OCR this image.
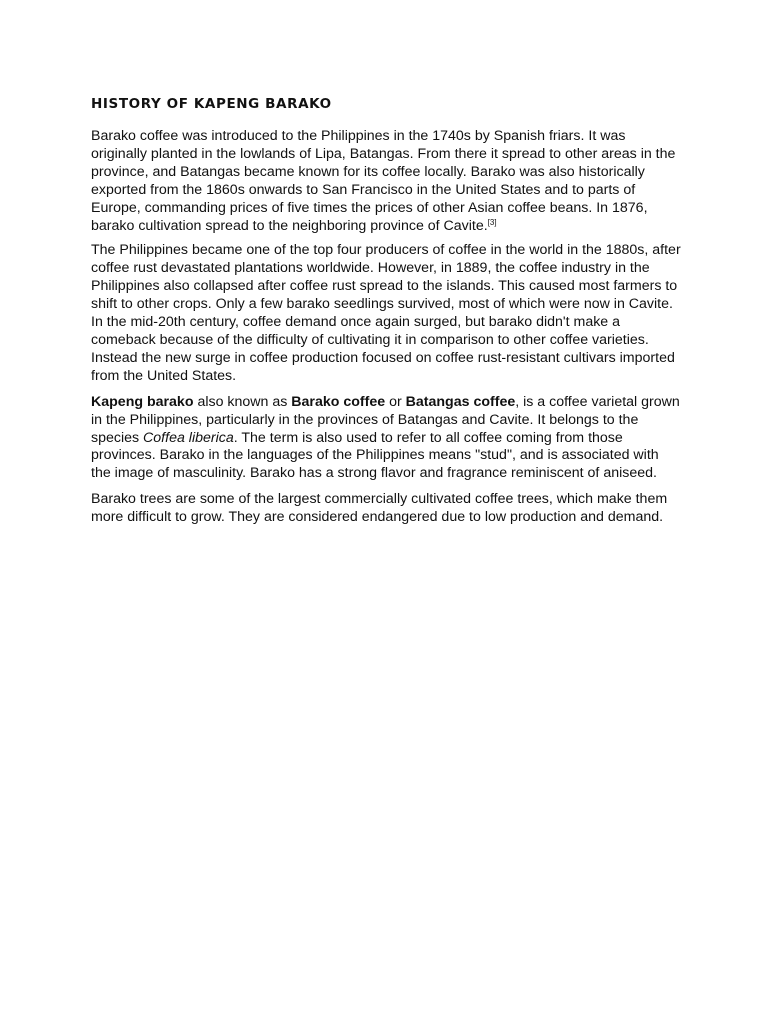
HISTORY OF KAPENG BARAKO

Barako coffee was introduced to the Philippines in the 1740s by Spanish friars. It was originally planted in the lowlands of Lipa, Batangas. From there it spread to other areas in the province, and Batangas became known for its coffee locally. Barako was also historically exported from the 1860s onwards to San Francisco in the United States and to parts of Europe, commanding prices of five times the prices of other Asian coffee beans. In 1876, barako cultivation spread to the neighboring province of Cavite.[3]

The Philippines became one of the top four producers of coffee in the world in the 1880s, after coffee rust devastated plantations worldwide. However, in 1889, the coffee industry in the Philippines also collapsed after coffee rust spread to the islands. This caused most farmers to shift to other crops. Only a few barako seedlings survived, most of which were now in Cavite. In the mid-20th century, coffee demand once again surged, but barako didn't make a comeback because of the difficulty of cultivating it in comparison to other coffee varieties. Instead the new surge in coffee production focused on coffee rust-resistant cultivars imported from the United States.

Kapeng barako also known as Barako coffee or Batangas coffee, is a coffee varietal grown in the Philippines, particularly in the provinces of Batangas and Cavite. It belongs to the species Coffea liberica. The term is also used to refer to all coffee coming from those provinces. Barako in the languages of the Philippines means "stud", and is associated with the image of masculinity. Barako has a strong flavor and fragrance reminiscent of aniseed.

Barako trees are some of the largest commercially cultivated coffee trees, which make them more difficult to grow. They are considered endangered due to low production and demand.
